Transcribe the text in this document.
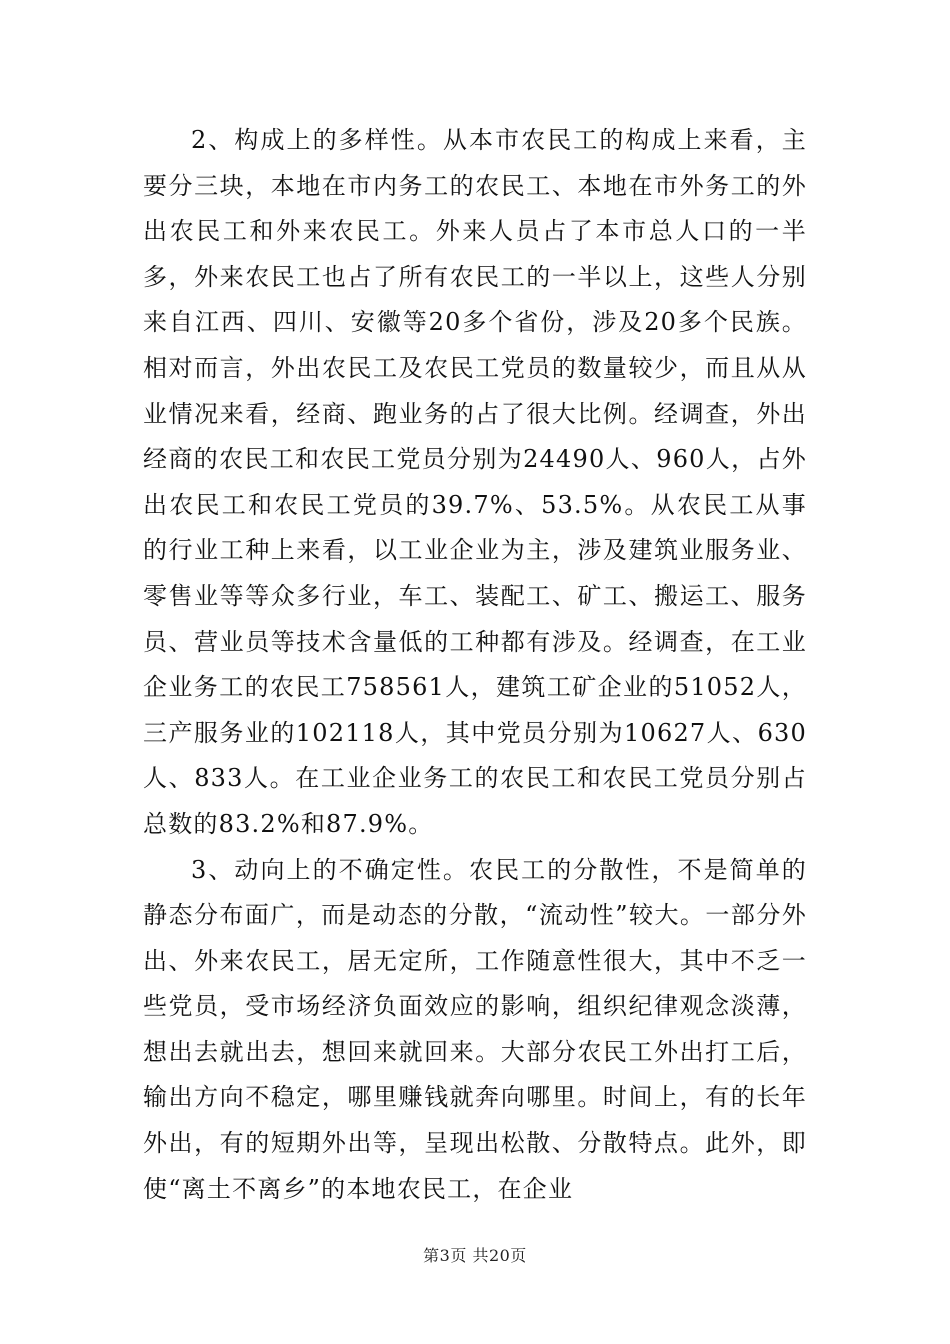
2、构成上的多样性。从本市农民工的构成上来看，主要分三块，本地在市内务工的农民工、本地在市外务工的外出农民工和外来农民工。外来人员占了本市总人口的一半多，外来农民工也占了所有农民工的一半以上，这些人分别来自江西、四川、安徽等20多个省份，涉及20多个民族。相对而言，外出农民工及农民工党员的数量较少，而且从从业情况来看，经商、跑业务的占了很大比例。经调查，外出经商的农民工和农民工党员分别为24490人、960人，占外出农民工和农民工党员的39.7%、53.5%。从农民工从事的行业工种上来看，以工业企业为主，涉及建筑业服务业、零售业等等众多行业，车工、装配工、矿工、搬运工、服务员、营业员等技术含量低的工种都有涉及。经调查，在工业企业务工的农民工758561人，建筑工矿企业的51052人，三产服务业的102118人，其中党员分别为10627人、630人、833人。在工业企业务工的农民工和农民工党员分别占总数的83.2%和87.9%。

3、动向上的不确定性。农民工的分散性，不是简单的静态分布面广，而是动态的分散，“流动性”较大。一部分外出、外来农民工，居无定所，工作随意性很大，其中不乏一些党员，受市场经济负面效应的影响，组织纪律观念淡薄，想出去就出去，想回来就回来。大部分农民工外出打工后，输出方向不稳定，哪里赚钱就奔向哪里。时间上，有的长年外出，有的短期外出等，呈现出松散、分散特点。此外，即使“离土不离乡”的本地农民工，在企业

第3页 共20页
